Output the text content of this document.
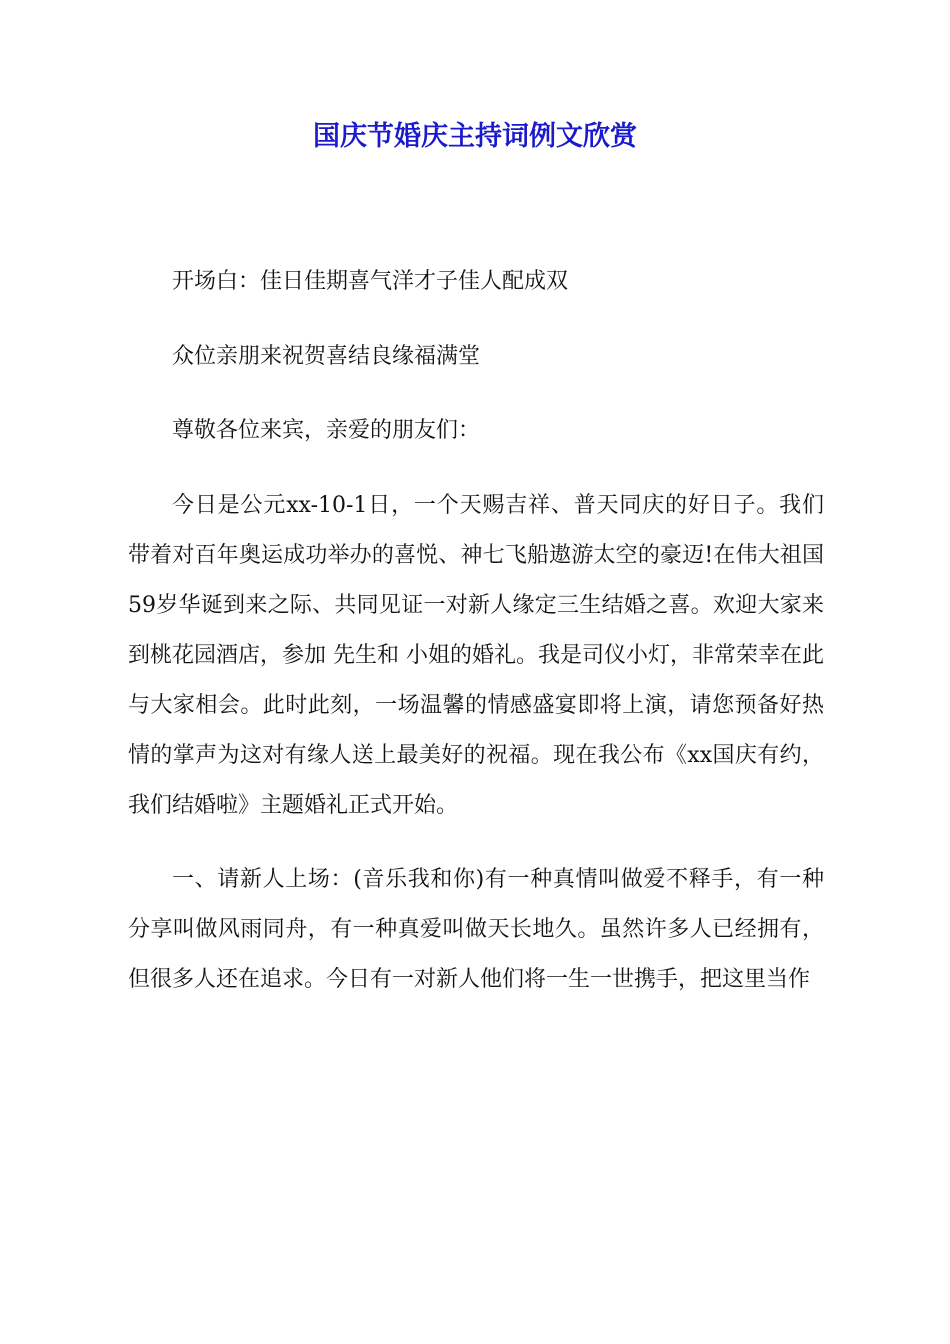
国庆节婚庆主持词例文欣赏

开场白：佳日佳期喜气洋才子佳人配成双

众位亲朋来祝贺喜结良缘福满堂

尊敬各位来宾，亲爱的朋友们：

今日是公元xx-10-1日，一个天赐吉祥、普天同庆的好日子。我们带着对百年奥运成功举办的喜悦、神七飞船遨游太空的豪迈!在伟大祖国59岁华诞到来之际、共同见证一对新人缘定三生结婚之喜。欢迎大家来到桃花园酒店，参加 先生和 小姐的婚礼。我是司仪小灯，非常荣幸在此与大家相会。此时此刻，一场温馨的情感盛宴即将上演，请您预备好热情的掌声为这对有缘人送上最美好的祝福。现在我公布《xx国庆有约，我们结婚啦》主题婚礼正式开始。

一、请新人上场：(音乐我和你)有一种真情叫做爱不释手，有一种分享叫做风雨同舟，有一种真爱叫做天长地久。虽然许多人已经拥有，但很多人还在追求。今日有一对新人他们将一生一世携手，把这里当作
